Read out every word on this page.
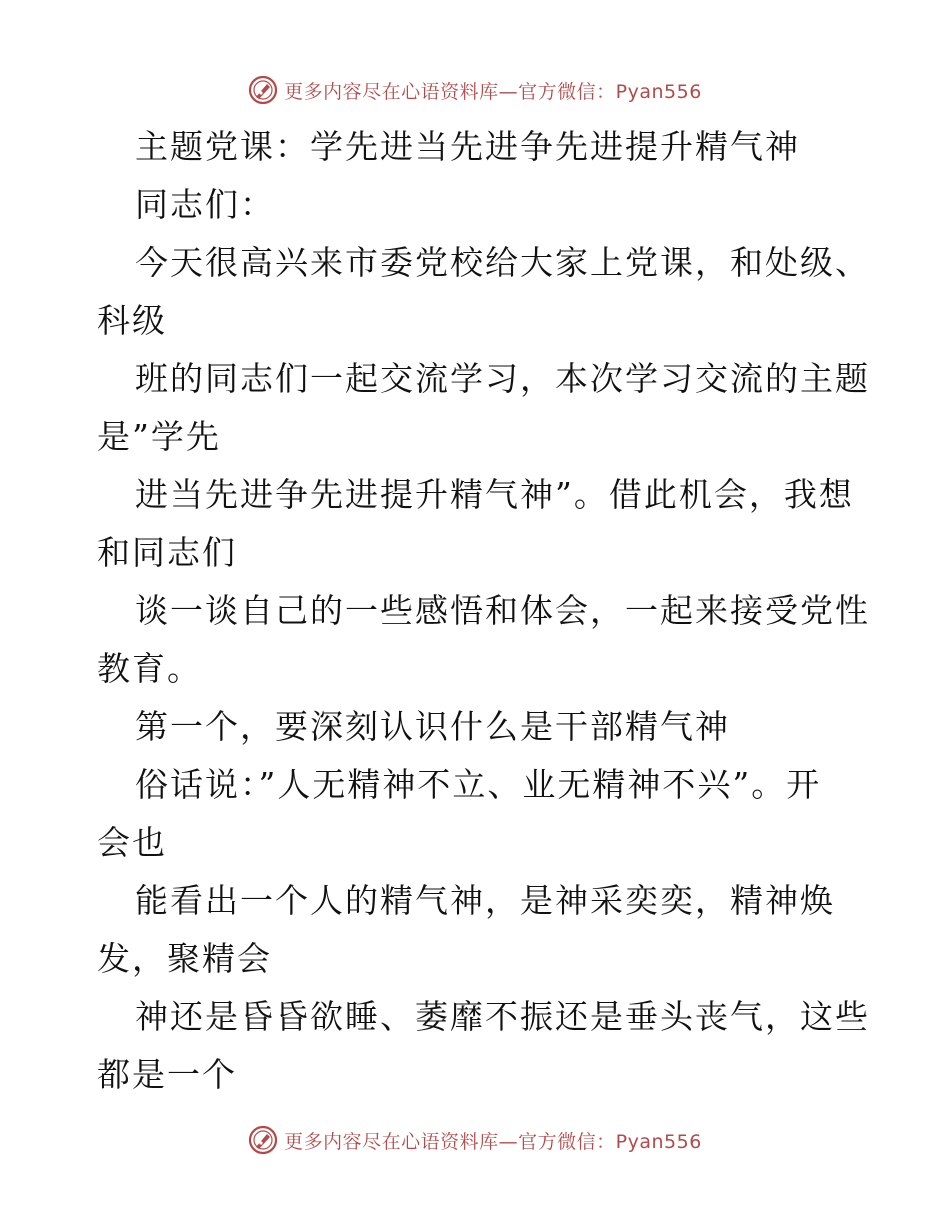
更多内容尽在心语资料库—官方微信：Pyan556
主题党课：学先进当先进争先进提升精气神
同志们：
今天很高兴来市委党校给大家上党课，和处级、
科级
班的同志们一起交流学习，本次学习交流的主题
是”学先
进当先进争先进提升精气神”。借此机会，我想
和同志们
谈一谈自己的一些感悟和体会，一起来接受党性
教育。
第一个，要深刻认识什么是干部精气神
俗话说：”人无精神不立、业无精神不兴”。开
会也
能看出一个人的精气神，是神采奕奕，精神焕
发，聚精会
神还是昏昏欲睡、萎靡不振还是垂头丧气，这些
都是一个
更多内容尽在心语资料库—官方微信：Pyan556
